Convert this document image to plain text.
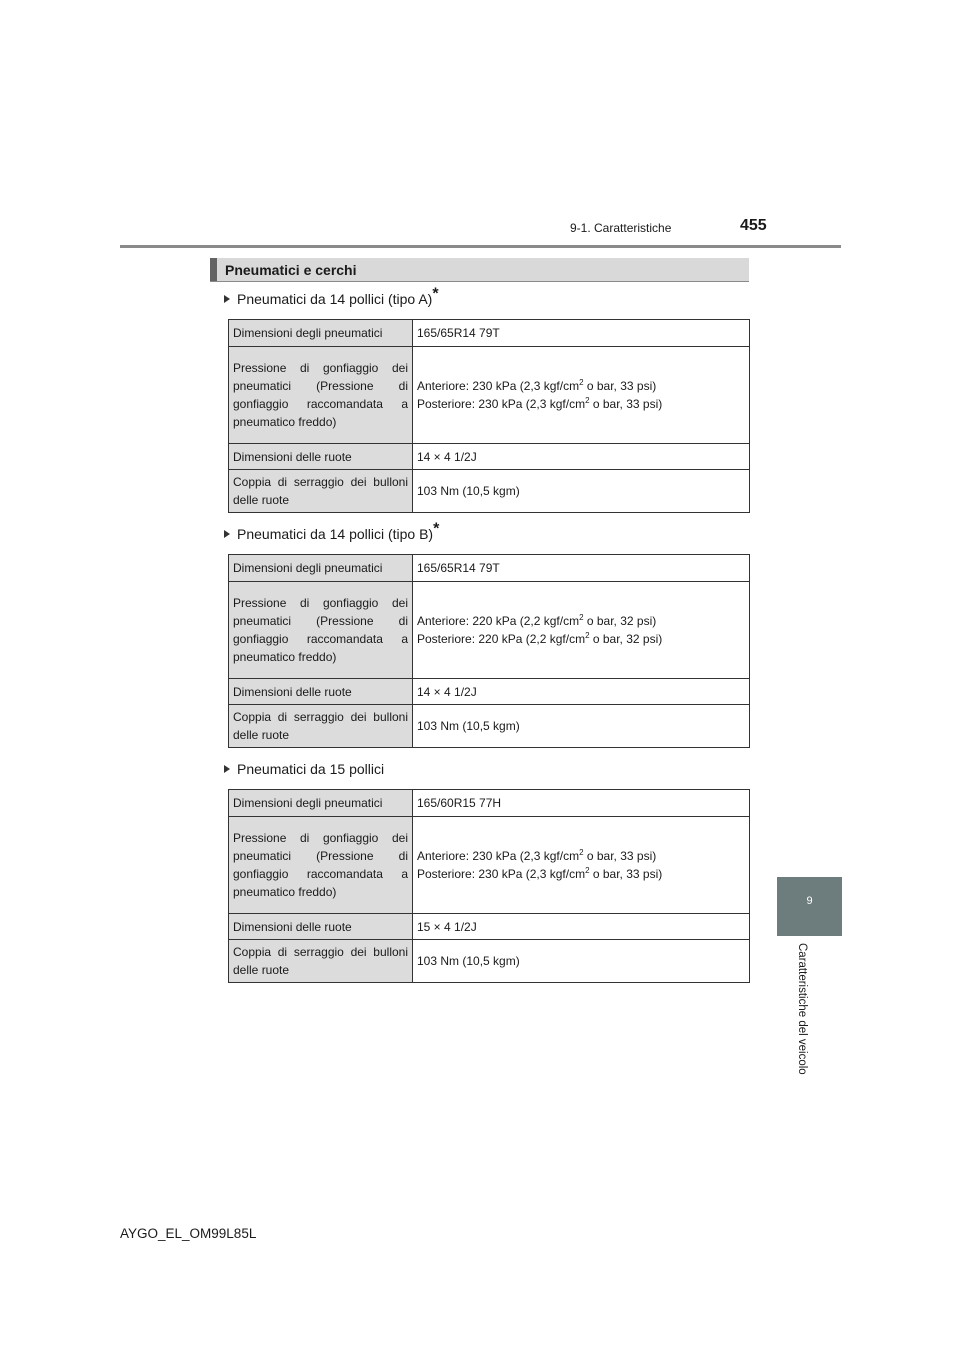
9-1. Caratteristiche	455
9
Caratteristiche del veicolo
Pneumatici e cerchi
Pneumatici da 14 pollici (tipo A)*
Dimensioni degli pneumatici	165/65R14 79T
Pressione di gonfiaggio dei pneumatici (Pressione di gonfiaggio raccomandata a pneumatico freddo)	Anteriore: 230 kPa (2,3 kgf/$cm^2$ o bar, 33 psi)
Posteriore: 230 kPa (2,3 kgf/$cm^2$ o bar, 33 psi)

Dimensioni delle ruote	14 × 4 1/2J
Coppia di serraggio dei bulloni delle ruote	103 Nm (10,5 kgm)
Pneumatici da 14 pollici (tipo B)*
Dimensioni degli pneumatici	165/65R14 79T
Pressione di gonfiaggio dei pneumatici (Pressione di gonfiaggio raccomandata a pneumatico freddo)	Anteriore: 220 kPa (2,2 kgf/$cm^2$ o bar, 32 psi)
Posteriore: 220 kPa (2,2 kgf/$cm^2$ o bar, 32 psi)

Dimensioni delle ruote	14 × 4 1/2J
Coppia di serraggio dei bulloni delle ruote	103 Nm (10,5 kgm)
Pneumatici da 15 pollici
Dimensioni degli pneumatici	165/60R15 77H
Pressione di gonfiaggio dei pneumatici (Pressione di gonfiaggio raccomandata a pneumatico freddo)	Anteriore: 230 kPa (2,3 kgf/$cm^2$ o bar, 33 psi)
Posteriore: 230 kPa (2,3 kgf/$cm^2$ o bar, 33 psi)

Dimensioni delle ruote	15 × 4 1/2J
Coppia di serraggio dei bulloni delle ruote	103 Nm (10,5 kgm)
AYGO_EL_OM99L85L
